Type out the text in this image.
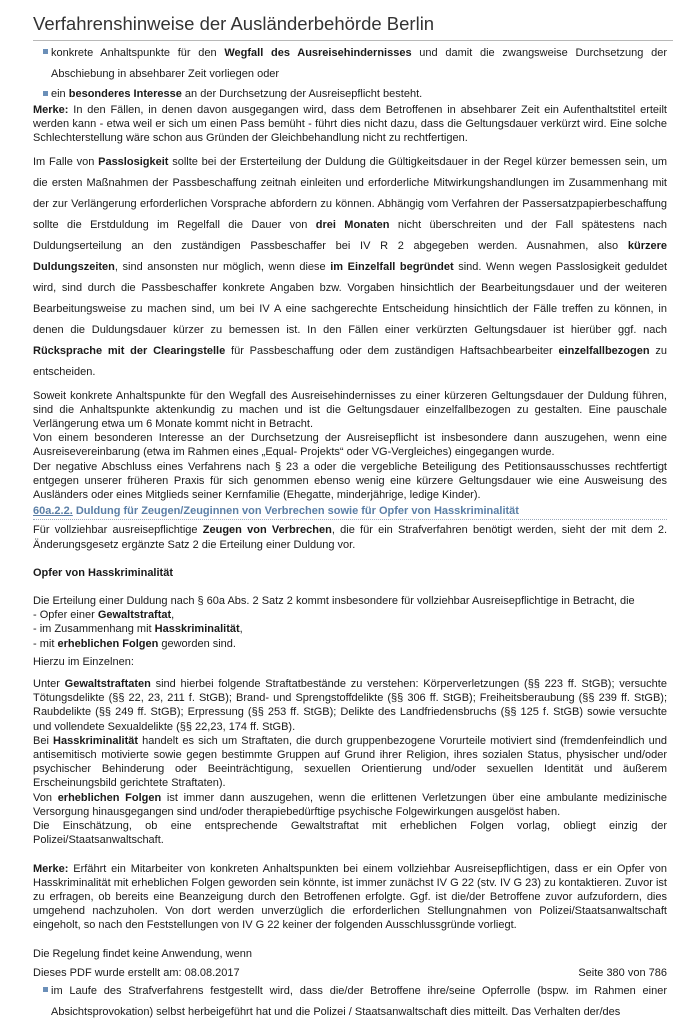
Verfahrenshinweise der Ausländerbehörde Berlin

konkrete Anhaltspunkte für den Wegfall des Ausreisehindernisses und damit die zwangsweise Durchsetzung der Abschiebung in absehbarer Zeit vorliegen oder

ein besonderes Interesse an der Durchsetzung der Ausreisepflicht besteht.

Merke: In den Fällen, in denen davon ausgegangen wird, dass dem Betroffenen in absehbarer Zeit ein Aufenthaltstitel erteilt werden kann - etwa weil er sich um einen Pass bemüht - führt dies nicht dazu, dass die Geltungsdauer verkürzt wird. Eine solche Schlechterstellung wäre schon aus Gründen der Gleichbehandlung nicht zu rechtfertigen.

Im Falle von Passlosigkeit sollte bei der Ersterteilung der Duldung die Gültigkeitsdauer in der Regel kürzer bemessen sein, um die ersten Maßnahmen der Passbeschaffung zeitnah einleiten und erforderliche Mitwirkungshandlungen im Zusammenhang mit der zur Verlängerung erforderlichen Vorsprache abfordern zu können. Abhängig vom Verfahren der Passersatzpapierbeschaffung sollte die Erstduldung im Regelfall die Dauer von drei Monaten nicht überschreiten und der Fall spätestens nach Duldungserteilung an den zuständigen Passbeschaffer bei IV R 2 abgegeben werden. Ausnahmen, also kürzere Duldungszeiten, sind ansonsten nur möglich, wenn diese im Einzelfall begründet sind. Wenn wegen Passlosigkeit geduldet wird, sind durch die Passbeschaffer konkrete Angaben bzw. Vorgaben hinsichtlich der Bearbeitungsdauer und der weiteren Bearbeitungsweise zu machen sind, um bei IV A eine sachgerechte Entscheidung hinsichtlich der Fälle treffen zu können, in denen die Duldungsdauer kürzer zu bemessen ist. In den Fällen einer verkürzten Geltungsdauer ist hierüber ggf. nach Rücksprache mit der Clearingstelle für Passbeschaffung oder dem zuständigen Haftsachbearbeiter einzelfallbezogen zu entscheiden.

Soweit konkrete Anhaltspunkte für den Wegfall des Ausreisehindernisses zu einer kürzeren Geltungsdauer der Duldung führen, sind die Anhaltspunkte aktenkundig zu machen und ist die Geltungsdauer einzelfallbezogen zu gestalten. Eine pauschale Verlängerung etwa um 6 Monate kommt nicht in Betracht.

Von einem besonderen Interesse an der Durchsetzung der Ausreisepflicht ist insbesondere dann auszugehen, wenn eine Ausreisevereinbarung (etwa im Rahmen eines „Equal- Projekts“ oder VG-Vergleiches) eingegangen wurde.

Der negative Abschluss eines Verfahrens nach § 23 a oder die vergebliche Beteiligung des Petitionsausschusses rechtfertigt entgegen unserer früheren Praxis für sich genommen ebenso wenig eine kürzere Geltungsdauer wie eine Ausweisung des Ausländers oder eines Mitglieds seiner Kernfamilie (Ehegatte, minderjährige, ledige Kinder).

60a.2.2. Duldung für Zeugen/Zeuginnen von Verbrechen sowie für Opfer von Hasskriminalität

Für vollziehbar ausreisepflichtige Zeugen von Verbrechen, die für ein Strafverfahren benötigt werden, sieht der mit dem 2. Änderungsgesetz ergänzte Satz 2 die Erteilung einer Duldung vor.

Opfer von Hasskriminalität

Die Erteilung einer Duldung nach § 60a Abs. 2 Satz 2 kommt insbesondere für vollziehbar Ausreisepflichtige in Betracht, die

- Opfer einer Gewaltstraftat,

- im Zusammenhang mit Hasskriminalität,

- mit erheblichen Folgen geworden sind.

Hierzu im Einzelnen:

Unter Gewaltstraftaten sind hierbei folgende Straftatbestände zu verstehen: Körperverletzungen (§§ 223 ff. StGB); versuchte Tötungsdelikte (§§ 22, 23, 211 f. StGB); Brand- und Sprengstoffdelikte (§§ 306 ff. StGB); Freiheitsberaubung (§§ 239 ff. StGB); Raubdelikte (§§ 249 ff. StGB); Erpressung (§§ 253 ff. StGB); Delikte des Landfriedensbruchs (§§ 125 f. StGB) sowie versuchte und vollendete Sexualdelikte (§§ 22,23, 174 ff. StGB).

Bei Hasskriminalität handelt es sich um Straftaten, die durch gruppenbezogene Vorurteile motiviert sind (fremdenfeindlich und antisemitisch motivierte sowie gegen bestimmte Gruppen auf Grund ihrer Religion, ihres sozialen Status, physischer und/oder psychischer Behinderung oder Beeinträchtigung, sexuellen Orientierung und/oder sexuellen Identität und äußerem Erscheinungsbild gerichtete Straftaten).

Von erheblichen Folgen ist immer dann auszugehen, wenn die erlittenen Verletzungen über eine ambulante medizinische Versorgung hinausgegangen sind und/oder therapiebedürftige psychische Folgewirkungen ausgelöst haben.

Die Einschätzung, ob eine entsprechende Gewaltstraftat mit erheblichen Folgen vorlag, obliegt einzig der Polizei/Staatsanwaltschaft.

Merke: Erfährt ein Mitarbeiter von konkreten Anhaltspunkten bei einem vollziehbar Ausreisepflichtigen, dass er ein Opfer von Hasskriminalität mit erheblichen Folgen geworden sein könnte, ist immer zunächst IV G 22 (stv. IV G 23) zu kontaktieren. Zuvor ist zu erfragen, ob bereits eine Beanzeigung durch den Betroffenen erfolgte. Ggf. ist die/der Betroffene zuvor aufzufordern, dies umgehend nachzuholen. Von dort werden unverzüglich die erforderlichen Stellungnahmen von Polizei/Staatsanwaltschaft eingeholt, so nach den Feststellungen von IV G 22 keiner der folgenden Ausschlussgründe vorliegt.

Die Regelung findet keine Anwendung, wenn

im Laufe des Strafverfahrens festgestellt wird, dass die/der Betroffene ihre/seine Opferrolle (bspw. im Rahmen einer Absichtsprovokation) selbst herbeigeführt hat und die Polizei / Staatsanwaltschaft dies mitteilt. Das Verhalten der/des

Dieses PDF wurde erstellt am: 08.08.2017	Seite 380 von 786
